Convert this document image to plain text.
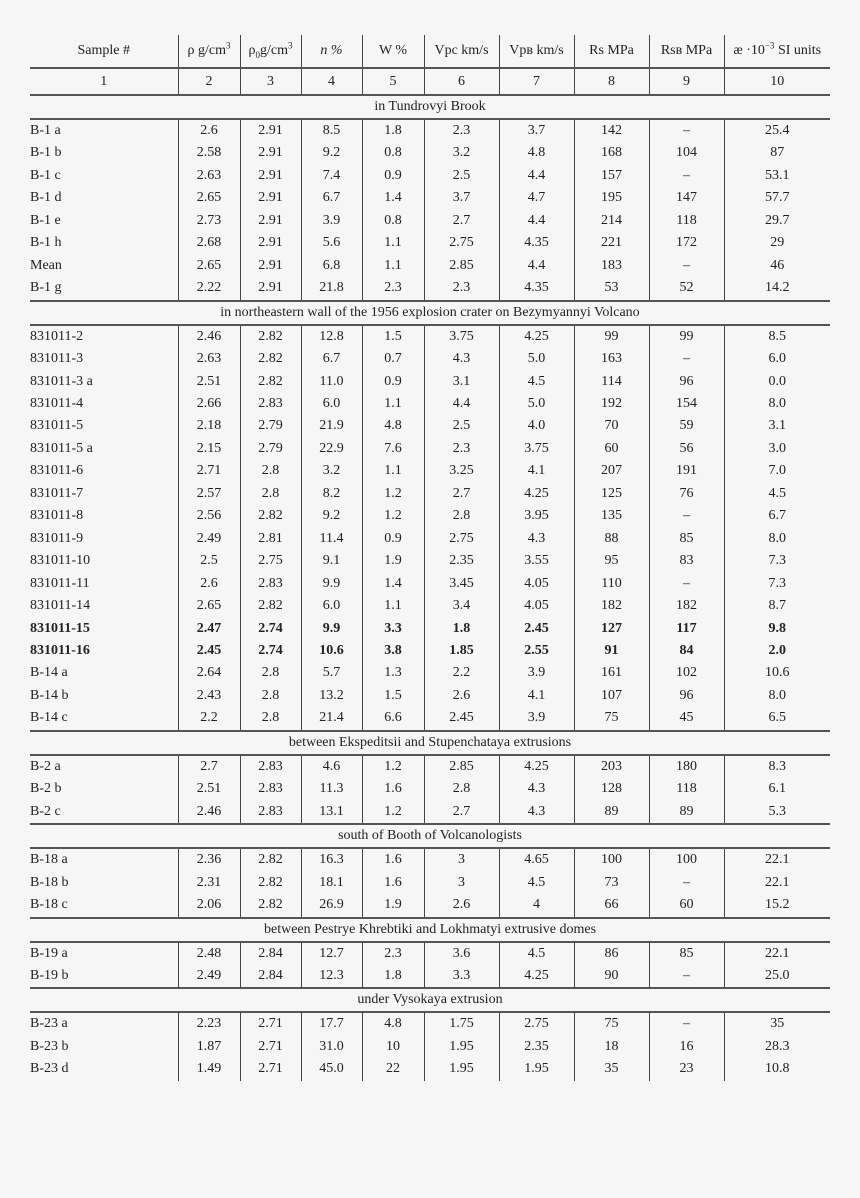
Sample #	ρ $g/cm^3$	$\rho_0g/cm^3$	n %	W %	Vpc km/s	Vpв km/s	Rs MPa	Rsв MPa	æ $\cdot 10^{-3}$ SI units
1	2	3	4	5	6	7	8	9	10
in Tundrovyi Brook									
B-1 a	2.6	2.91	8.5	1.8	2.3	3.7	142	–	25.4
B-1 b	2.58	2.91	9.2	0.8	3.2	4.8	168	104	87
B-1 c	2.63	2.91	7.4	0.9	2.5	4.4	157	–	53.1
B-1 d	2.65	2.91	6.7	1.4	3.7	4.7	195	147	57.7
B-1 e	2.73	2.91	3.9	0.8	2.7	4.4	214	118	29.7
B-1 h	2.68	2.91	5.6	1.1	2.75	4.35	221	172	29
Mean	2.65	2.91	6.8	1.1	2.85	4.4	183	–	46
B-1 g	2.22	2.91	21.8	2.3	2.3	4.35	53	52	14.2
in northeastern wall of the 1956 explosion crater on Bezymyannyi Volcano									
831011-2	2.46	2.82	12.8	1.5	3.75	4.25	99	99	8.5
831011-3	2.63	2.82	6.7	0.7	4.3	5.0	163	–	6.0
831011-3 a	2.51	2.82	11.0	0.9	3.1	4.5	114	96	0.0
831011-4	2.66	2.83	6.0	1.1	4.4	5.0	192	154	8.0
831011-5	2.18	2.79	21.9	4.8	2.5	4.0	70	59	3.1
831011-5 a	2.15	2.79	22.9	7.6	2.3	3.75	60	56	3.0
831011-6	2.71	2.8	3.2	1.1	3.25	4.1	207	191	7.0
831011-7	2.57	2.8	8.2	1.2	2.7	4.25	125	76	4.5
831011-8	2.56	2.82	9.2	1.2	2.8	3.95	135	–	6.7
831011-9	2.49	2.81	11.4	0.9	2.75	4.3	88	85	8.0
831011-10	2.5	2.75	9.1	1.9	2.35	3.55	95	83	7.3
831011-11	2.6	2.83	9.9	1.4	3.45	4.05	110	–	7.3
831011-14	2.65	2.82	6.0	1.1	3.4	4.05	182	182	8.7
831011-15	2.47	2.74	9.9	3.3	1.8	2.45	127	117	9.8
831011-16	2.45	2.74	10.6	3.8	1.85	2.55	91	84	2.0
B-14 a	2.64	2.8	5.7	1.3	2.2	3.9	161	102	10.6
B-14 b	2.43	2.8	13.2	1.5	2.6	4.1	107	96	8.0
B-14 c	2.2	2.8	21.4	6.6	2.45	3.9	75	45	6.5
between Ekspeditsii and Stupenchataya extrusions									
B-2 a	2.7	2.83	4.6	1.2	2.85	4.25	203	180	8.3
B-2 b	2.51	2.83	11.3	1.6	2.8	4.3	128	118	6.1
B-2 c	2.46	2.83	13.1	1.2	2.7	4.3	89	89	5.3
south of Booth of Volcanologists									
B-18 a	2.36	2.82	16.3	1.6	3	4.65	100	100	22.1
B-18 b	2.31	2.82	18.1	1.6	3	4.5	73	–	22.1
B-18 c	2.06	2.82	26.9	1.9	2.6	4	66	60	15.2
between Pestrye Khrebtiki and Lokhmatyi extrusive domes									
B-19 a	2.48	2.84	12.7	2.3	3.6	4.5	86	85	22.1
B-19 b	2.49	2.84	12.3	1.8	3.3	4.25	90	–	25.0
under Vysokaya extrusion									
B-23 a	2.23	2.71	17.7	4.8	1.75	2.75	75	–	35
B-23 b	1.87	2.71	31.0	10	1.95	2.35	18	16	28.3
B-23 d	1.49	2.71	45.0	22	1.95	1.95	35	23	10.8
